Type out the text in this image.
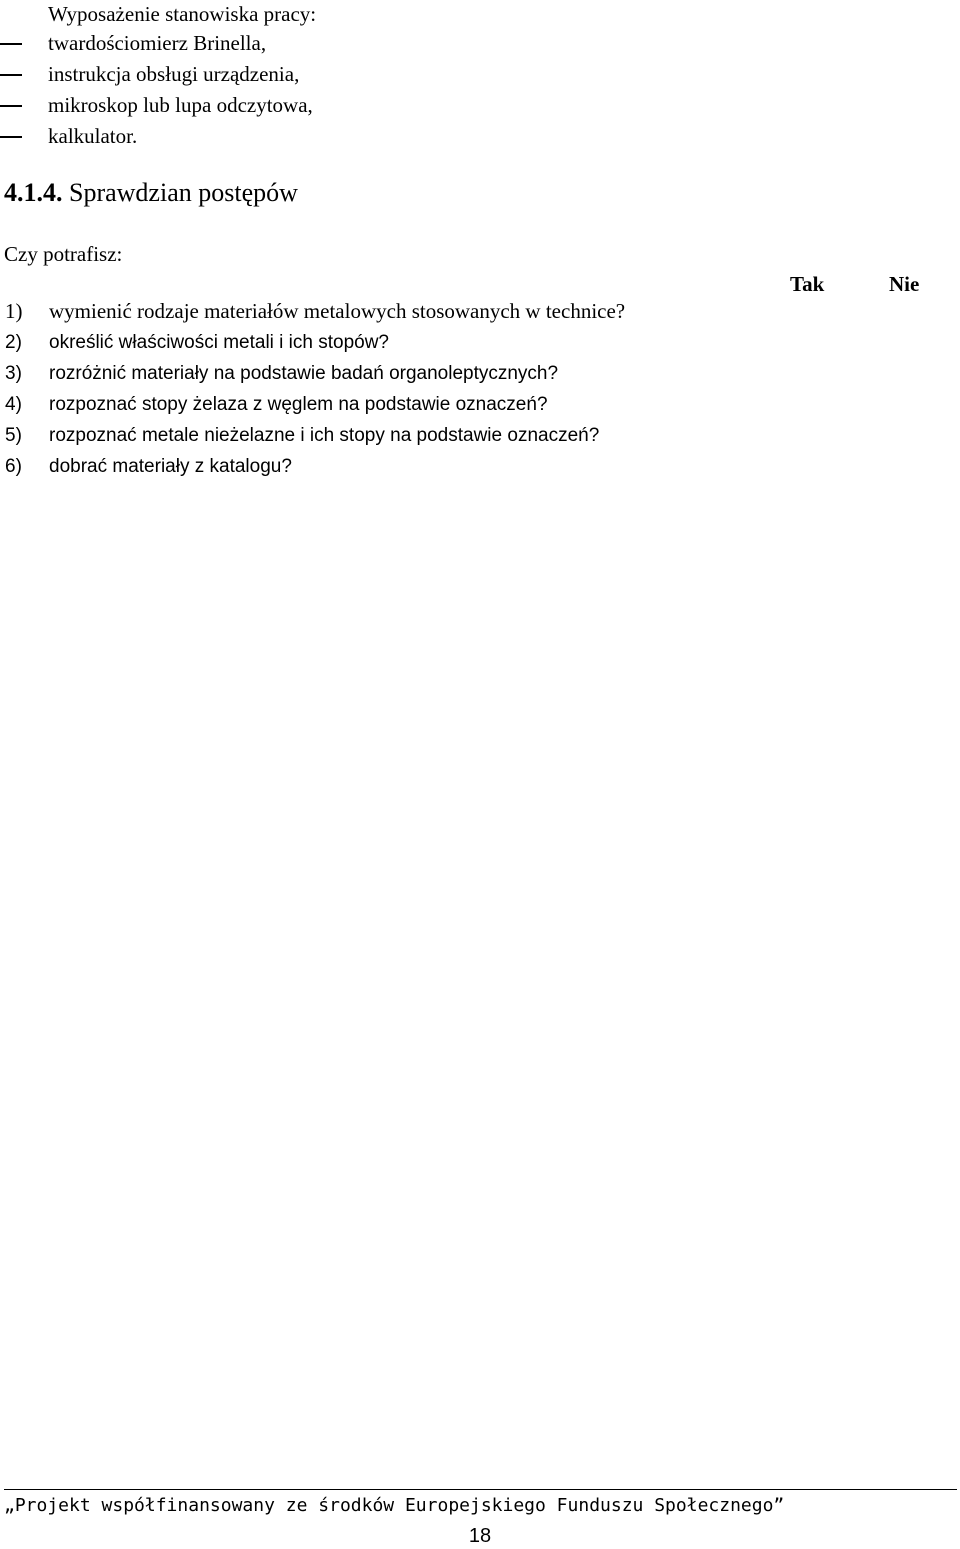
Wyposażenie stanowiska pracy:
twardościomierz Brinella,
instrukcja obsługi urządzenia,
mikroskop lub lupa odczytowa,
kalkulator.
4.1.4. Sprawdzian postępów
Czy potrafisz:
Tak	Nie
1) wymienić rodzaje materiałów metalowych stosowanych w technice?
2) określić właściwości metali i ich stopów?
3) rozróżnić materiały na podstawie badań organoleptycznych?
4) rozpoznać stopy żelaza z węglem na podstawie oznaczeń?
5) rozpoznać metale nieżelazne i ich stopy na podstawie oznaczeń?
6) dobrać materiały z katalogu?
„Projekt współfinansowany ze środków Europejskiego Funduszu Społecznego”
18
